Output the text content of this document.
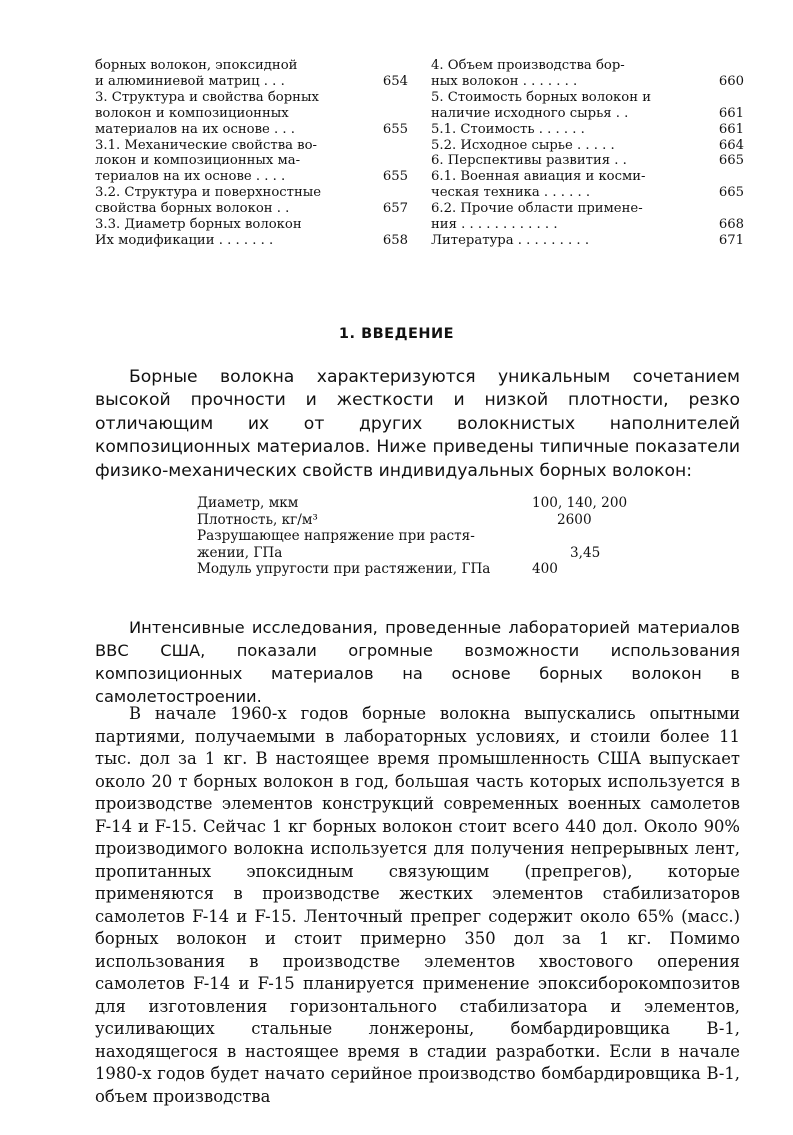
борных волокон, эпоксидной
и алюминиевой матриц . . .	654
3. Структура и свойства борных
волокон и композиционных
материалов на их основе . . .	655
3.1. Механические свойства во-
локон и композиционных ма-
териалов на их основе . . . .	655
3.2. Структура и поверхностные
свойства борных волокон . .	657
3.3. Диаметр борных волокон
Их модификации . . . . . . .	658
4. Объем производства бор-
ных волокон . . . . . . .	660
5. Стоимость борных волокон и
наличие исходного сырья . .	661
5.1. Стоимость . . . . . .	661
5.2. Исходное сырье . . . . .	664
6. Перспективы развития . .	665
6.1. Военная авиация и косми-
ческая техника . . . . . .	665
6.2. Прочие области примене-
ния . . . . . . . . . . . .	668
Литература . . . . . . . . .	671
1. ВВЕДЕНИЕ
Борные волокна характеризуются уникальным сочетанием высокой прочности и жесткости и низкой плотности, резко отличающим их от других волокнистых наполнителей композиционных материалов. Ниже приведены типичные показатели физико-механических свойств индивидуальных борных волокон:
Диаметр, мкм	100, 140, 200
Плотность, кг/м³	2600
Разрушающее напряжение при растя-
жении, ГПа	3,45
Модуль упругости при растяжении, ГПа	400
Интенсивные исследования, проведенные лабораторией материалов ВВС США, показали огромные возможности использования композиционных материалов на основе борных волокон в самолетостроении.
В начале 1960-х годов борные волокна выпускались опытными партиями, получаемыми в лабораторных условиях, и стоили более 11 тыс. дол за 1 кг. В настоящее время промышленность США выпускает около 20 т борных волокон в год, большая часть которых используется в производстве элементов конструкций современных военных самолетов F-14 и F-15. Сейчас 1 кг борных волокон стоит всего 440 дол. Около 90% производимого волокна используется для получения непрерывных лент, пропитанных эпоксидным связующим (препрегов), которые применяются в производстве жестких элементов стабилизаторов самолетов F-14 и F-15. Ленточный препрег содержит около 65% (масс.) борных волокон и стоит примерно 350 дол за 1 кг. Помимо использования в производстве элементов хвостового оперения самолетов F-14 и F-15 планируется применение эпоксиборокомпозитов для изготовления горизонтального стабилизатора и элементов, усиливающих стальные лонжероны, бомбардировщика B-1, находящегося в настоящее время в стадии разработки. Если в начале 1980-х годов будет начато серийное производство бомбардировщика B-1, объем производства
